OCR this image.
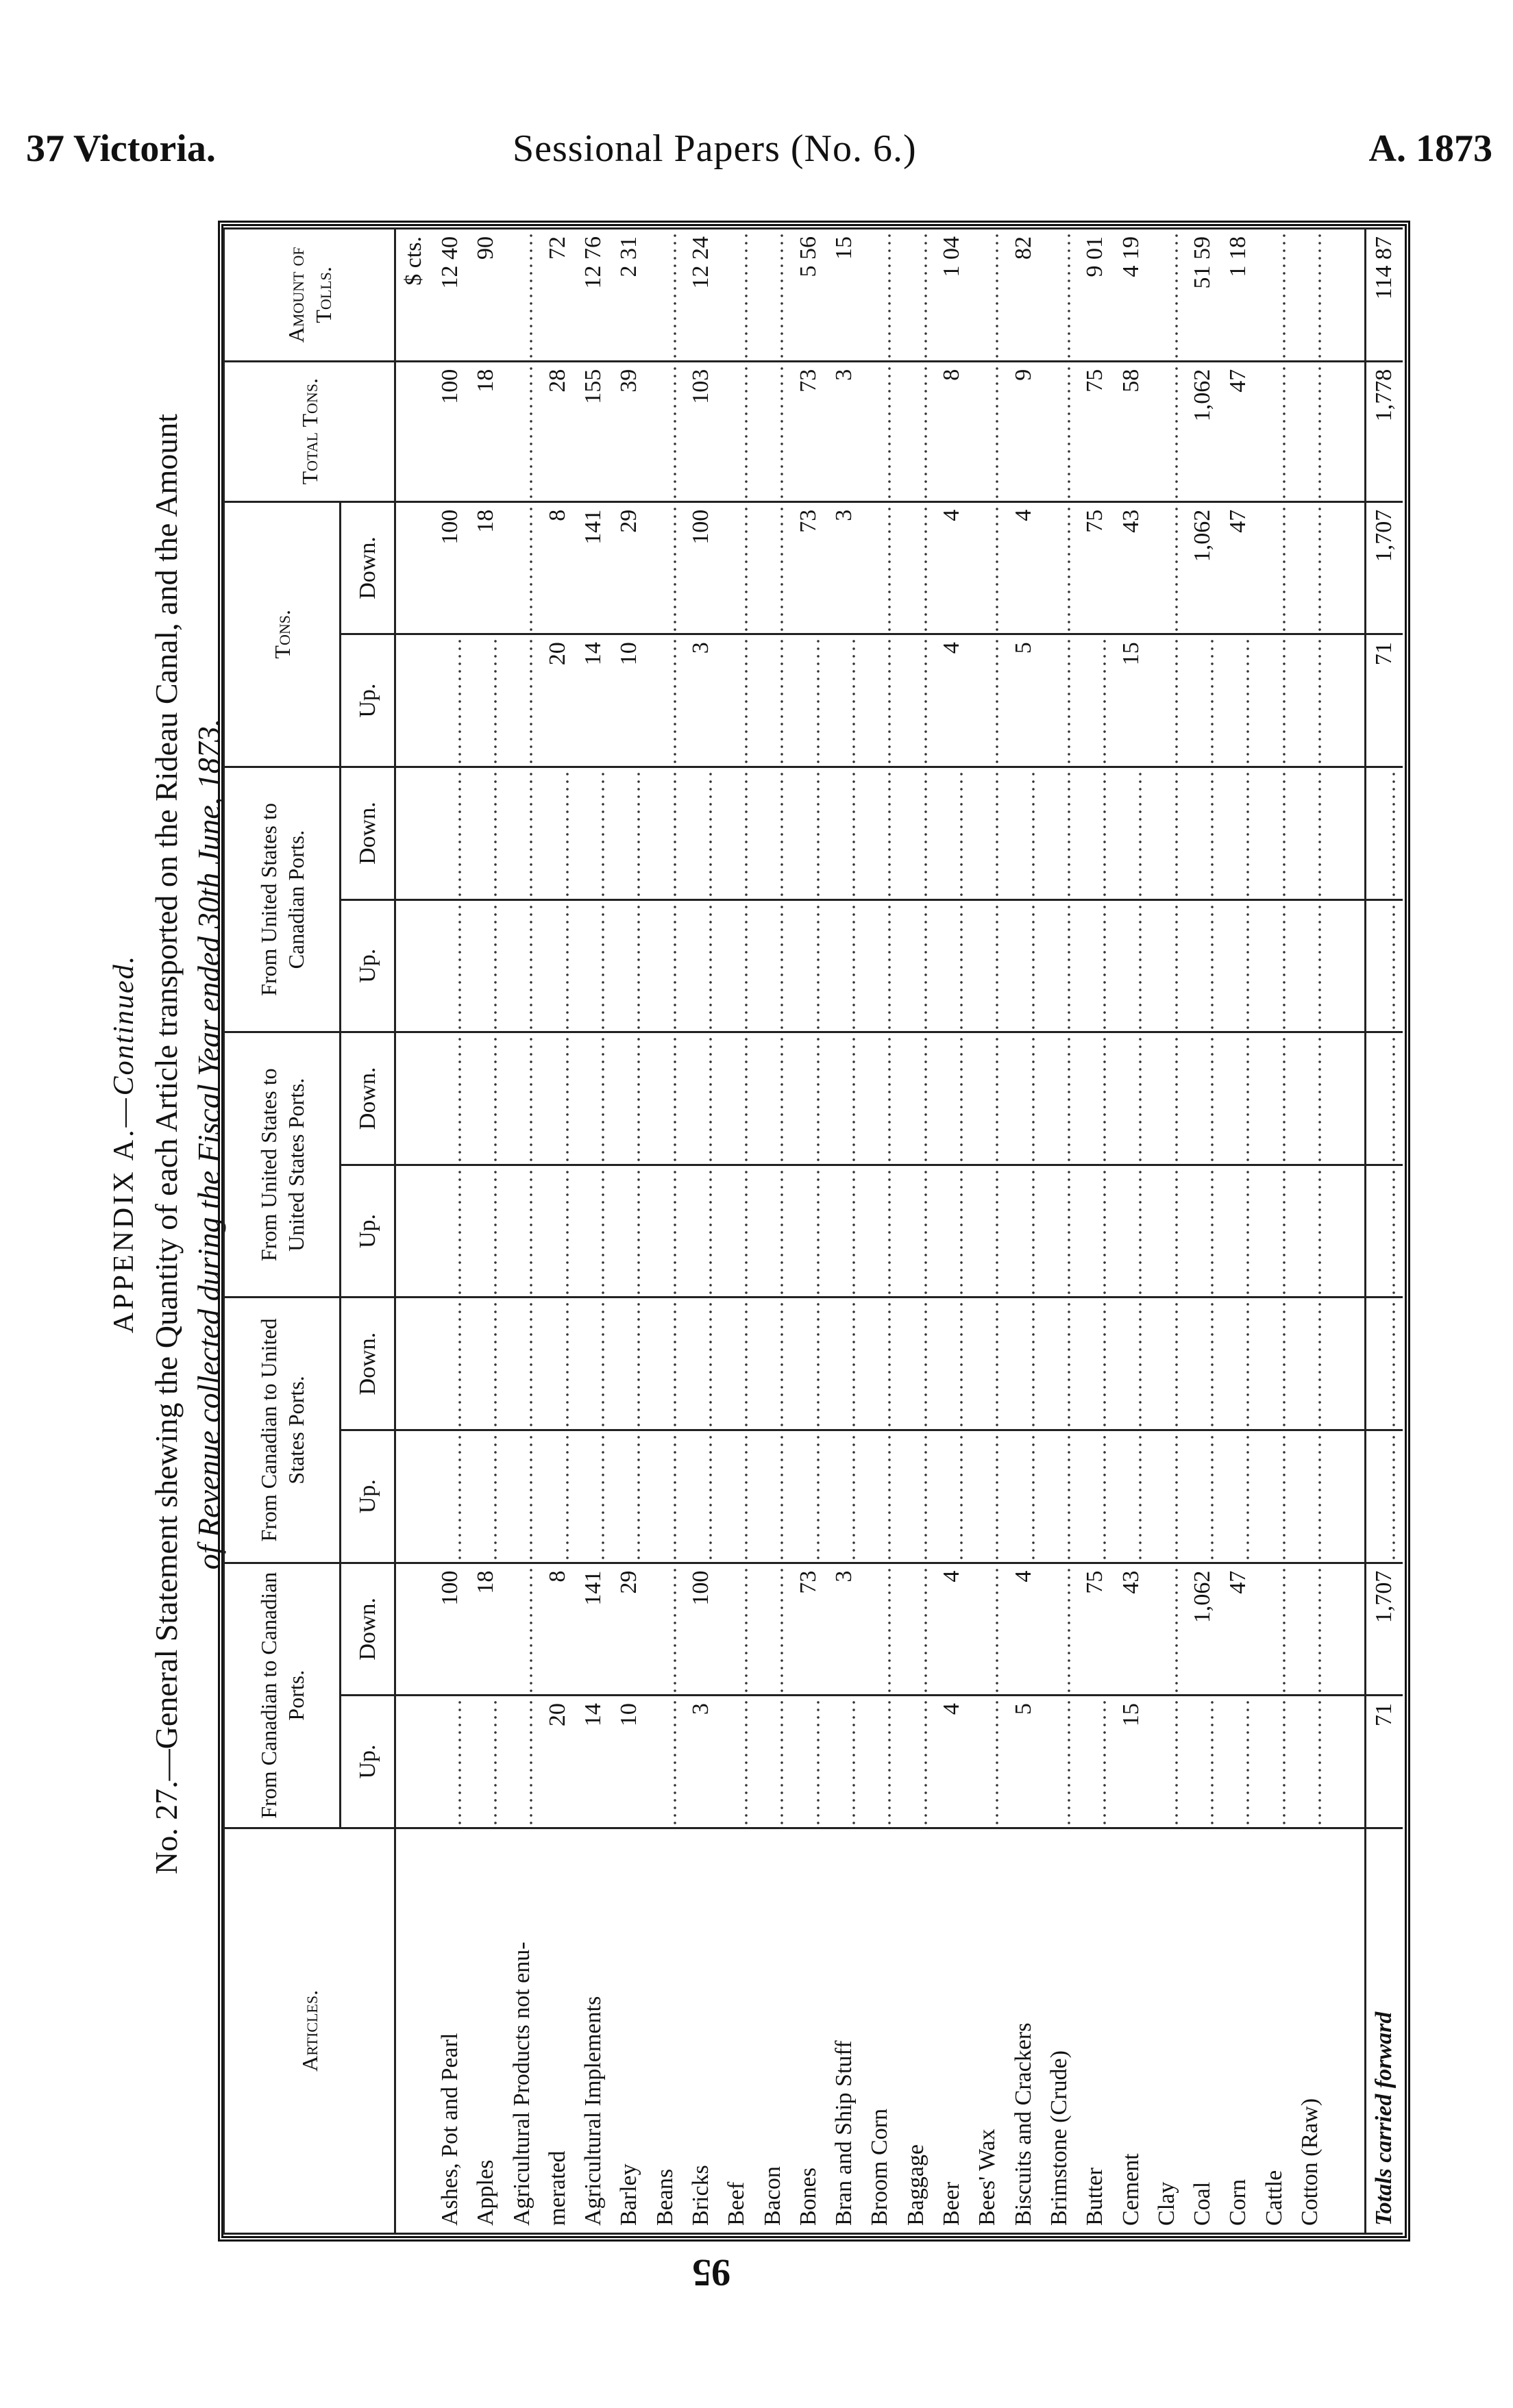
37 Victoria.	Sessional Papers (No. 6.)	A. 1873
APPENDIX A.—Continued. No. 27.—General Statement shewing the Quantity of each Article transported on the Rideau Canal, and the Amount of Revenue collected during the Fiscal Year ended 30th June, 1873.
Articles.	From Canadian to Canadian Ports.		From Canadian to United States Ports.		From United States to United States Ports.		From United States to Canadian Ports.		Tons.		Total Tons.	Amount of Tolls.
	Up.	Down.	Up.	Down.	Up.	Down.	Up.	Down.	Up.	Down.		
												$ cts.
Ashes, Pot and Pearl		100								100	100	12 40
Apples		18								18	18	90
Agricultural Products not enu-												
merated	20	8							20	8	28	72
Agricultural Implements	14	141							14	141	155	12 76
Barley	10	29							10	29	39	2 31
Beans												
Bricks	3	100							3	100	103	12 24
Beef												
Bacon												
Bones		73								73	73	5 56
Bran and Ship Stuff		3								3	3	15
Broom Corn												
Baggage												
Beer	4	4							4	4	8	1 04
Bees' Wax												
Biscuits and Crackers	5	4							5	4	9	82
Brimstone (Crude)												
Butter		75								75	75	9 01
Cement	15	43							15	43	58	4 19
Clay												
Coal		1,062								1,062	1,062	51 59
Corn		47								47	47	1 18
Cattle												
Cotton (Raw)												

Totals carried forward	71	1,707							71	1,707	1,778	114 87
95
